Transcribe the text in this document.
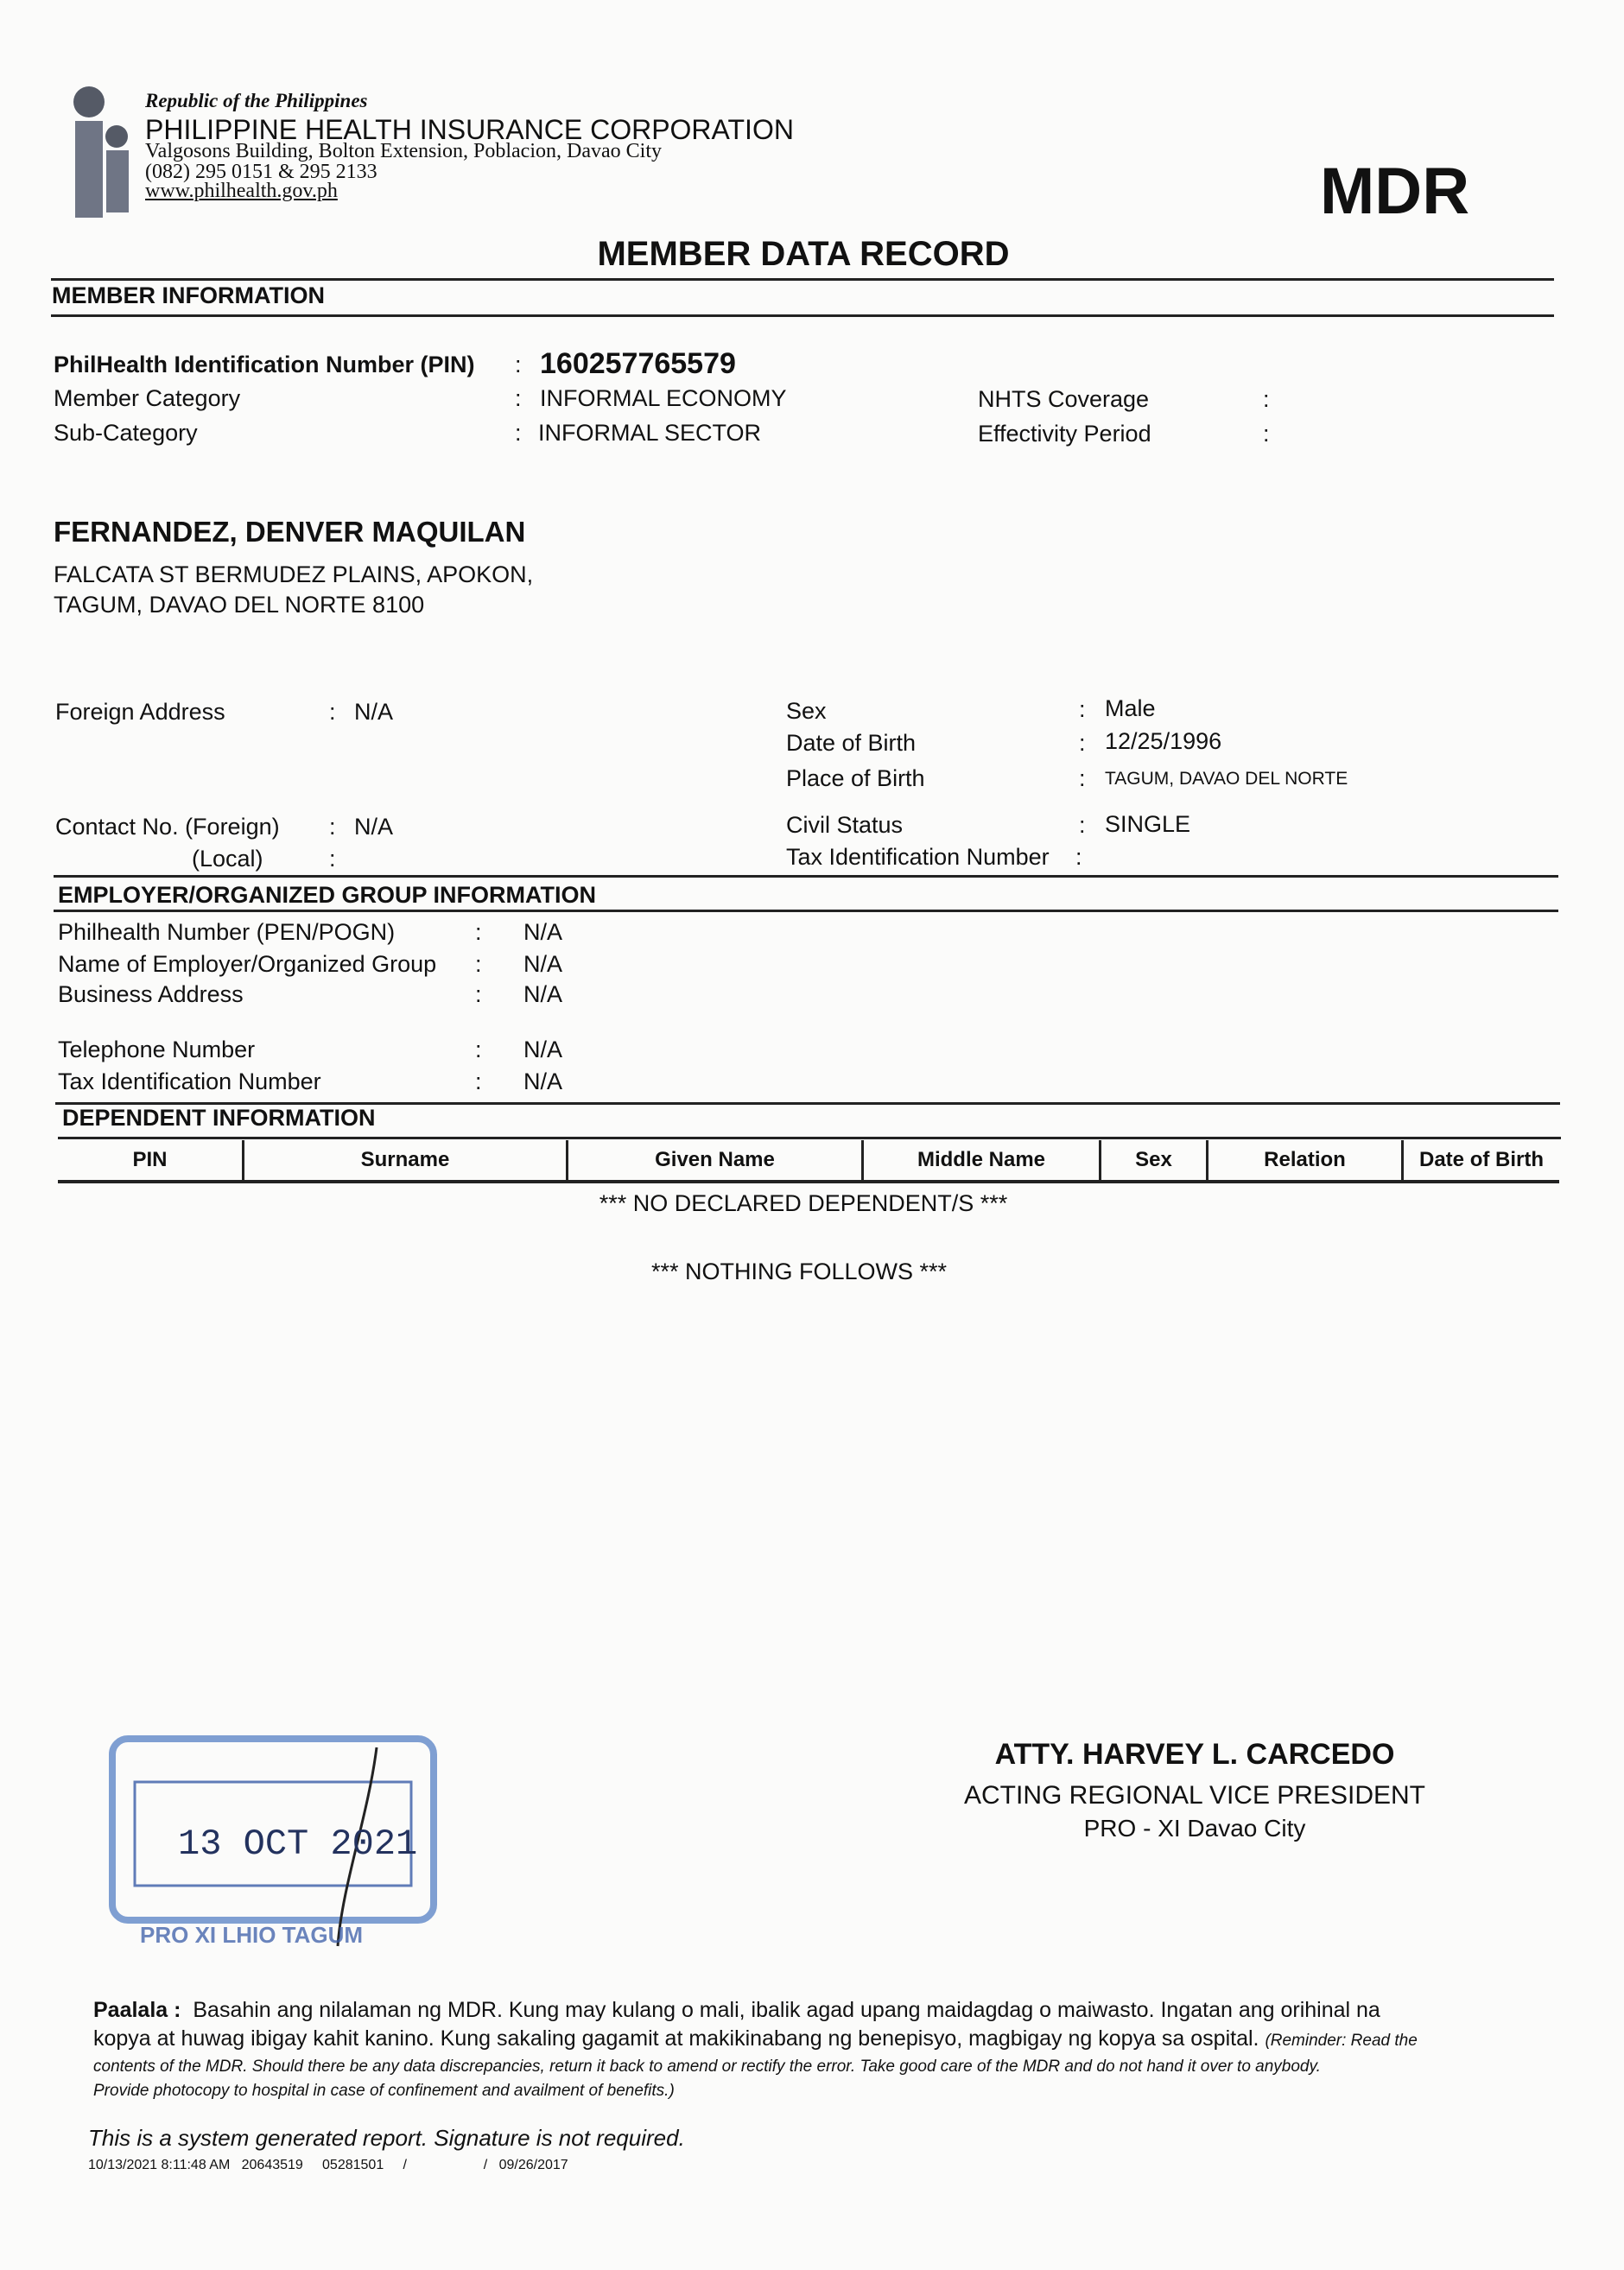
Republic of the Philippines
PHILIPPINE HEALTH INSURANCE CORPORATION
Valgosons Building, Bolton Extension, Poblacion, Davao City
(082) 295 0151 & 295 2133
www.philhealth.gov.ph	MDR
MEMBER DATA RECORD
MEMBER INFORMATION
PhilHealth Identification Number (PIN) : 160257765579
Member Category	: INFORMAL ECONOMY
Sub-Category	: INFORMAL SECTOR
NHTS Coverage	:
Effectivity Period	:
FERNANDEZ, DENVER MAQUILAN
FALCATA ST BERMUDEZ PLAINS, APOKON,
TAGUM, DAVAO DEL NORTE 8100
Foreign Address	: N/A
Contact No. (Foreign) : N/A
(Local)	:
Sex	: Male
Date of Birth	: 12/25/1996
Place of Birth	: TAGUM, DAVAO DEL NORTE
Civil Status	: SINGLE
Tax Identification Number :
EMPLOYER/ORGANIZED GROUP INFORMATION
Philhealth Number (PEN/POGN)	: N/A
Name of Employer/Organized Group : N/A
Business Address	: N/A
Telephone Number	: N/A
Tax Identification Number	: N/A
DEPENDENT INFORMATION
PIN	Surname	Given Name	Middle Name	Sex	Relation	Date of Birth
*** NO DECLARED DEPENDENT/S ***
*** NOTHING FOLLOWS ***
13 OCT 2021
PRO XI LHIO TAGUM
ATTY. HARVEY L. CARCEDO
ACTING REGIONAL VICE PRESIDENT
PRO - XI Davao City
Paalala : Basahin ang nilalaman ng MDR. Kung may kulang o mali, ibalik agad upang maidagdag o maiwasto. Ingatan ang orihinal na
kopya at huwag ibigay kahit kanino. Kung sakaling gagamit at makikinabang ng benepisyo, magbigay ng kopya sa ospital. (Reminder: Read the
contents of the MDR. Should there be any data discrepancies, return it back to amend or rectify the error. Take good care of the MDR and do not hand it over to anybody.
Provide photocopy to hospital in case of confinement and availment of benefits.)
This is a system generated report. Signature is not required.
10/13/2021 8:11:48 AM   20643519     05281501     /                    /   09/26/2017
